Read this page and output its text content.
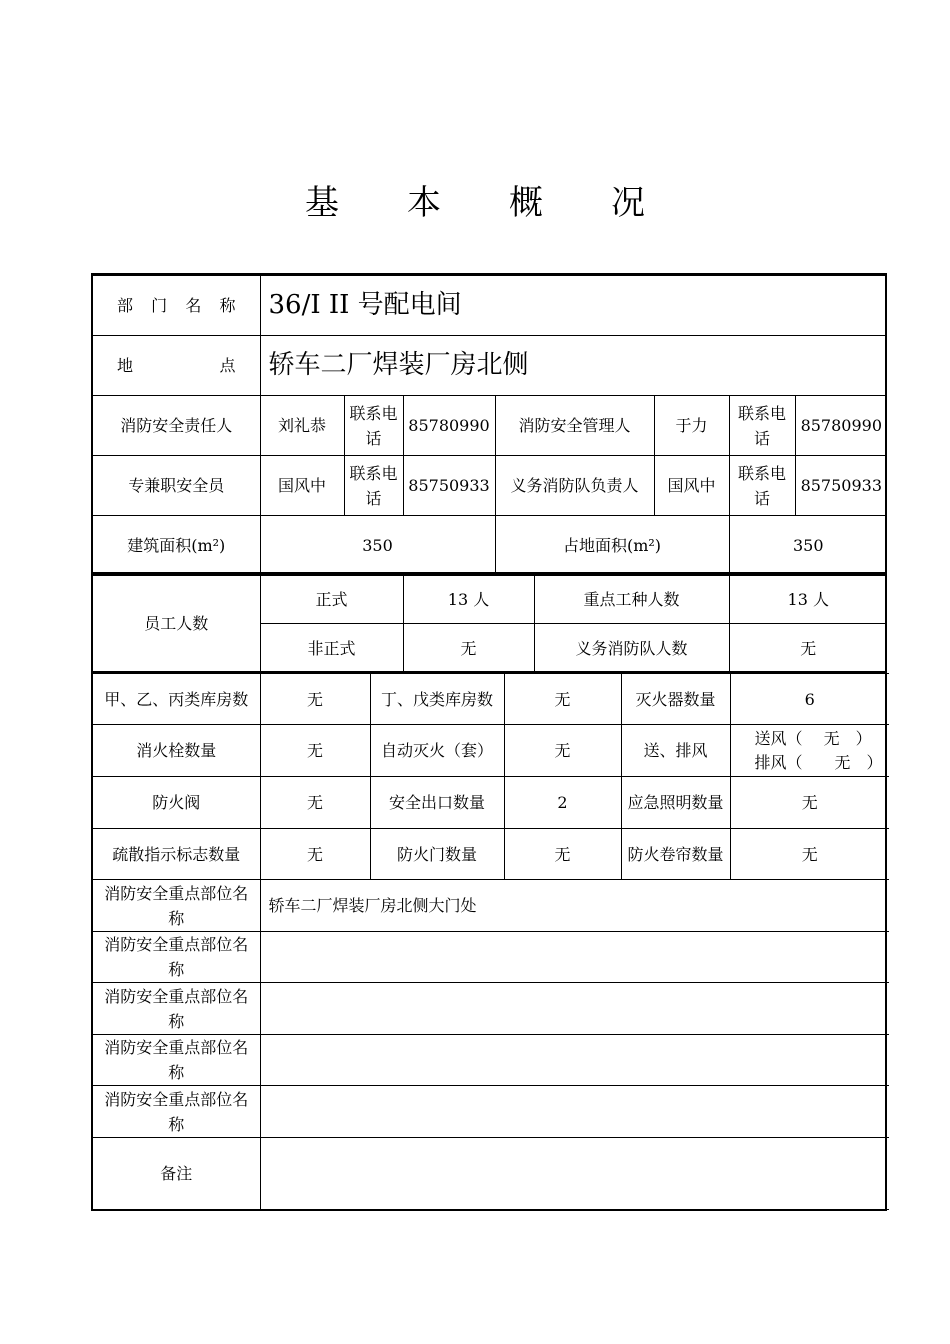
基 本 概 况
部　门　名　称	36/I II 号配电间						
地　　　　　点	轿车二厂焊装厂房北侧						
消防安全责任人	刘礼恭	联系电话	85780990	消防安全管理人	于力	联系电话	85780990
专兼职安全员	国风中	联系电话	85750933	义务消防队负责人	国风中	联系电话	85750933
建筑面积(m²)	350			占地面积(m²)		350	
员工人数	正式	13 人	重点工种人数	13 人
	非正式	无	义务消防队人数	无
甲、乙、丙类库房数	无	丁、戊类库房数	无	灭火器数量	6
消火栓数量	无	自动灭火（套）	无	送、排风	送风（　 无　）
排风（　　无　）

防火阀	无	安全出口数量	2	应急照明数量	无
疏散指示标志数量	无	防火门数量	无	防火卷帘数量	无
消防安全重点部位名称	轿车二厂焊装厂房北侧大门处				
消防安全重点部位名称					
消防安全重点部位名称					
消防安全重点部位名称					
消防安全重点部位名称					
备注					
